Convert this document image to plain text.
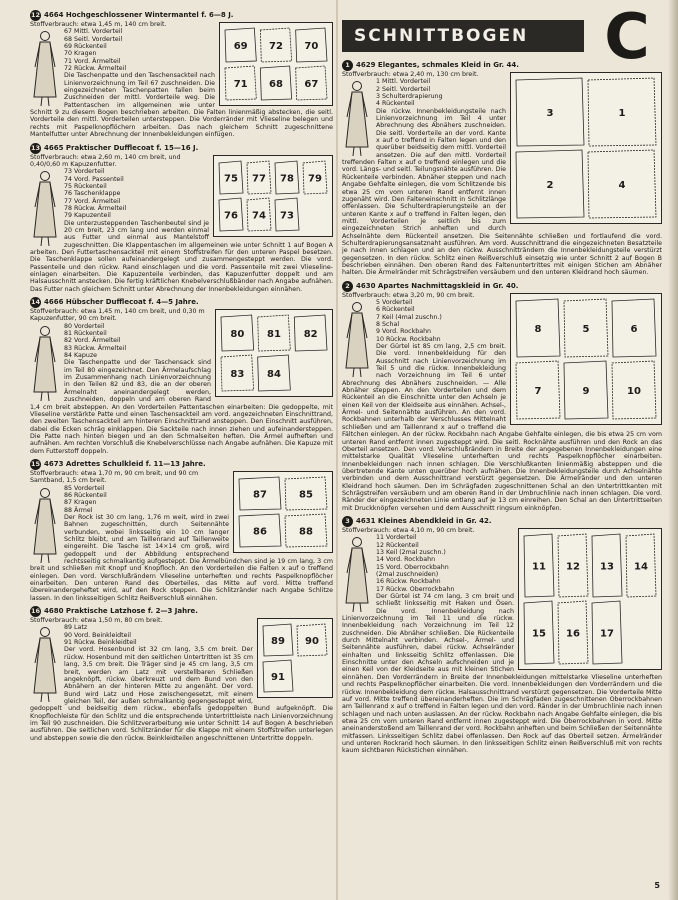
12 4664 Hochgeschlossener Wintermantel f. 6—8 J.
69 72 70
71 68 67
Stoffverbrauch: etwa 1,45 m, 140 cm breit.
67 Mittl. Vorderteil
68 Seitl. Vorderteil
69 Rückenteil
70 Kragen
71 Vord. Ärmelteil
72 Rückw. Ärmelteil
Die Taschenpatte und den Taschensackteil nach Linienvorzeichnung im Teil 67 zuschneiden. Die eingezeichneten Taschenpatten fallen beim Zuschneiden der mittl. Vorderteile weg. Die Pattentaschen im allgemeinen wie unter Schnitt 9 zu diesem Bogen beschrieben arbeiten. Die Falten linienmäßig abstecken, die seitl. Vorderteile den mittl. Vorderteilen untersteppen. Die Vorderränder mit Vlieseline belegen und rechts mit Paspelknopflöchern arbeiten. Das nach gleichem Schnitt zugeschnittene Mantelfutter unter Abrechnung der Innenbekleidungen einfügen.
13 4665 Praktischer Dufflecoat f. 15—16 J.
75 77 78 79
76 74 73
Stoffverbrauch: etwa 2,60 m, 140 cm breit, und 0,40/0,60 m Kapuzenfutter.
73 Vorderteil
74 Vord. Passenteil
75 Rückenteil
76 Taschenklappe
77 Vord. Ärmelteil
78 Rückw. Ärmelteil
79 Kapuzenteil
Die unterzusteppenden Taschenbeutel sind je 20 cm breit, 23 cm lang und werden einmal aus Futter und einmal aus Mantelstoff zugeschnitten. Die Klappentaschen im allgemeinen wie unter Schnitt 1 auf Bogen A arbeiten. Den Futtertaschensackteil mit einem Stoffstreifen für den unteren Paspel besetzen. Die Taschenklappe sollen aufeinandergelegt und zusammengesteppt werden. Die vord. Passenteile und den rückw. Rand einschlagen und die vord. Passenteile mit zwei Vlieseline-einlagen einarbeiten. Die Kapuzenteile verbinden, das Kapuzenfutter doppelt und am Halsausschnitt anstecken. Die fertig kräftlichen Knebelverschlußbänder nach Angabe aufnähen. Das Futter nach gleichem Schnitt unter Abrechnung der Innenbekleidungen einnähen.
14 4666 Hübscher Dufflecoat f. 4—5 Jahre.
80 81 82
83 84
Stoffverbrauch: etwa 1,45 m, 140 cm breit, und 0,30 m Kapuzenfutter, 90 cm breit.
80 Vorderteil
81 Rückenteil
82 Vord. Ärmelteil
83 Rückw. Ärmelteil
84 Kapuze
Die Taschenpatte und der Taschensack sind im Teil 80 eingezeichnet. Den Ärmelaufschlag im Zusammenhang nach Linienvorzeichnung in den Teilen 82 und 83, die an der oberen Ärmelnaht aneinandergelegt werden, zuschneiden, doppeln und am oberen Rand 1,4 cm breit absteppen. An den Vorderteilen Pattentaschen einarbeiten: Die gedoppelte, mit Vlieseline verstärkte Patte und einen Taschensackteil am vord. angezeichneten Einschnittrand, den zweiten Taschensackteil am hinteren Einschnittrand ansteppen. Den Einschnitt ausführen, dabei die Ecken schräg einklappen. Die Sackteile nach innen ziehen und aufeinandersteppen. Die Patte nach hinten biegen und an den Schmalseiten heften. Die Ärmel aufheften und aufnähen. Am rechten Vorschluß die Knebelverschlüsse nach Angabe aufnähen. Die Kapuze mit dem Futterstoff doppeln.
15 4673 Adrettes Schulkleid f. 11—13 Jahre.
87	85
86	88
Stoffverbrauch: etwa 1,70 m, 90 cm breit, und 90 cm Samtband, 1,5 cm breit.
85 Vorderteil
86 Rückenteil
87 Kragen
88 Ärmel
Der Rock ist 30 cm lang, 1,76 m weit, wird in zwei Bahnen zugeschnitten, durch Seitennähte verbunden, wobei linksseitig ein 10 cm langer Schlitz bleibt, und am Taillenrand auf Taillenweite eingereiht. Die Tasche ist 14×14 cm groß, wird gedoppelt und der Abbildung entsprechend rechtsseitig schmalkantig aufgesteppt. Die Ärmelbündchen sind je 19 cm lang, 3 cm breit und schließen mit Knopf und Knopfloch. An den Vorderteilen die Falten x auf o treffend einlegen. Den vord. Verschlußrändern Vlieseline unterheften und rechts Paspelknopflöcher einarbeiten. Den unteren Rand des Oberteiles, das Mitte auf vord. Mitte treffend übereinandergeheftet wird, auf den Rock steppen. Die Schlitzränder nach Angabe Schlitze lassen. In den linksseitigen Schlitz Reißverschluß einnähen.
16 4680 Praktische Latzhose f. 2—3 Jahre.
89 90
91
Stoffverbrauch: etwa 1,50 m, 80 cm breit.
89 Latz
90 Vord. Beinkleidteil
91 Rückw. Beinkleidteil
Der vord. Hosenbund ist 32 cm lang, 3,5 cm breit. Der rückw. Hosenbund mit den seitlichen Untertritten ist 35 cm lang, 3,5 cm breit. Die Träger sind je 45 cm lang, 3,5 cm breit, werden am Latz mit verstellbaren Schließen angeknöpft, rückw. überkreuzt und dem Bund von den Abnähern an der hinteren Mitte zu angenäht. Der vord. Bund wird Latz und Hose zwischengesetzt, mit einem gleichen Teil, der außen schmalkantig gegengesteppt wird, gedoppelt und beidseitig dem rückw., ebenfalls gedoppelten Bund aufgeknöpft. Die Knopflochleiste für den Schlitz und die entsprechende Untertrittleiste nach Linienvorzeichnung im Teil 90 zuschneiden. Die Schlitzverarbeitung wie unter Schnitt 14 auf Bogen A beschrieben ausführen. Die seitlichen vord. Schlitzränder für die Klappe mit einem Stoffstreifen unterlegen und absteppen sowie die den rückw. Beinkleidteilen angeschnittenen Untertritte doppeln.
SCHNITTBOGEN	C
1 4629 Elegantes, schmales Kleid in Gr. 44.
3	1
2	4
Stoffverbrauch: etwa 2,40 m, 130 cm breit.
1 Mittl. Vorderteil
2 Seitl. Vorderteil
3 Schulterdrapierung
4 Rückenteil
Die rückw. Innenbekleidungsteile nach Linienvorzeichnung im Teil 4 unter Abrechnung des Abnähers zuschneiden. Die seitl. Vorderteile an der vord. Kante x auf o treffend in Falten legen und den querüber beidseitig dem mittl. Vorderteil ansetzen. Die auf den mittl. Vorderteil treffenden Falten x auf o treffend einlegen und die vord. Längs- und seitl. Teilungsnähte ausführen. Die Rückenteile verbinden. Abnäher steppen und nach Angabe Gehfalte einlegen, die vom Schlitzende bis etwa 25 cm vom unteren Rand entfernt innen zugenäht wird. Den Falteneinschnitt in Schlitzlänge offenlassen. Die Schulterdrapierungsteile an der unteren Kante x auf o treffend in Falten legen, den mittl. Vorderteilen je seitlich bis zum eingezeichneten Strich anheften und durch Achselnähte dem Rückenteil ansetzen. Die Seitennähte schließen und fortlaufend die vord. Schulterdrapierungsansatznaht ausführen. Am vord. Ausschnittrand die eingezeichneten Besatzteile je nach innen schlagen und an den rückw. Ausschnitträndern die Innenbekleidungsteile verstürzt gegensetzen. In den rückw. Schlitz einen Reißverschluß einsetzig wie unter Schnitt 2 auf Bogen B beschrieben einnähen. Den oberen Rand des Faltenuntertrittes mit einigen Stichen am Abnäher halten. Die Ärmelränder mit Schrägstreifen versäubern und den unteren Kleidrand hoch säumen.
2 4630 Apartes Nachmittagskleid in Gr. 40.
8	5	6
7	9	10
Stoffverbrauch: etwa 3,20 m, 90 cm breit.
5 Vorderteil
6 Rückenteil
7 Keil (4mal zuschn.)
8 Schal
9 Vord. Rockbahn
10 Rückw. Rockbahn
Der Gürtel ist 85 cm lang, 2,5 cm breit. Die vord. Innenbekleidung für den Ausschnitt nach Linienvorzeichnung im Teil 5 und die rückw. Innenbekleidung nach Vorzeichnung im Teil 6 unter Abrechnung des Abnähers zuschneiden. — Alle Abnäher steppen. An den Vorderteilen und dem Rückenteil an die Einschnitte unter den Achseln je einen Keil von der Kleidseite aus einnähen. Achsel-, Ärmel- und Seitennähte ausführen. An den vord. Rockbahnen unterhalb der Verschlusses Mittelnaht schließen und am Taillenrand x auf o treffend die Fältchen einlegen. An der rückw. Rockbahn nach Angabe Gehfalte einlegen, die bis etwa 25 cm vom unteren Rand entfernt innen zugesteppt wird. Die seitl. Rocknähte ausführen und den Rock an das Oberteil ansetzen. Den vord. Verschlußrändern in Breite der angegebenen Innenbekleidungen eine mittelstarke Qualität Vlieseline unterheften und rechts Paspelknopflöcher einarbeiten. Innenbekleidungen nach innen schlagen. Die Verschlußkanten linienmäßig absteppen und die übertretende Kante unten querüber hoch aufnähen. Die Innenbekleidungsteile durch Achselnähte verbinden und dem Ausschnittrand verstürzt gegensetzen. Die Ärmelränder und den unteren Kleidrand hoch säumen. Den im Schrägfaden zugeschnittenen Schal an den Untertrittkanten mit Schrägstreifen versäubern und am oberen Rand in der Umbruchlinie nach innen schlagen. Die vord. Ränder der eingezeichneten Linie entlang auf je 13 cm einreihen. Den Schal an den Untertrittseiten mit Druckknöpfen versehen und dem Ausschnitt ringsum einknöpfen.
3 4631 Kleines Abendkleid in Gr. 42.
11 12 13 14
15 16 17
Stoffverbrauch: etwa 4,10 m, 90 cm breit.
11 Vorderteil
12 Rückenteil
13 Keil (2mal zuschn.)
14 Vord. Rockbahn
15 Vord. Oberrockbahn
(2mal zuschneiden)
16 Rückw. Rockbahn
17 Rückw. Oberrockbahn
Der Gürtel ist 74 cm lang, 3 cm breit und schließt linksseitig mit Haken und Ösen. Die vord. Innenbekleidung nach Linienvorzeichnung im Teil 11 und die rückw. Innenbekleidung nach Vorzeichnung im Teil 12 zuschneiden. Die Abnäher schließen. Die Rückenteile durch Mittelnaht verbinden. Achsel-, Ärmel- und Seitennähte ausführen, dabei rückw. Achselränder einhalten und linksseitig Schlitz offenlassen. Die Einschnitte unter den Achseln aufschneiden und je einen Keil von der Kleidseite aus mit kleinen Stichen einnähen. Den Vorderrändern in Breite der Innenbekleidungen mittelstarke Vlieseline unterheften und rechts Paspelknopflöcher einarbeiten. Die vord. Innenbekleidungen den Vorderrändern und die rückw. Innenbekleidung dem rückw. Halsausschnittrand verstürzt gegensetzen. Die Vorderteile Mitte auf vord. Mitte treffend übereinanderheften. Die im Schrägfaden zugeschnittenen Oberrockbahnen am Taillenrand x auf o treffend in Falten legen und den vord. Ränder in der Umbruchlinie nach innen schlagen und nach unten auslassen. An der rückw. Rockbahn nach Angabe Gehfalte einlegen, die bis etwa 25 cm vom unteren Rand entfernt innen zugesteppt wird. Die Oberrockbahnen in vord. Mitte aneinanderstoßend am Taillenrand der vord. Rockbahn anheften und beim Schließen der Seitennähte mitfassen. Linksseitigen Schlitz dabei offenlassen. Den Rock auf das Oberteil setzen. Ärmelränder und unteren Rockrand hoch säumen. In den linksseitigen Schlitz einen Reißverschluß mit von rechts kaum sichtbaren Rückstichen einnähen.
5
